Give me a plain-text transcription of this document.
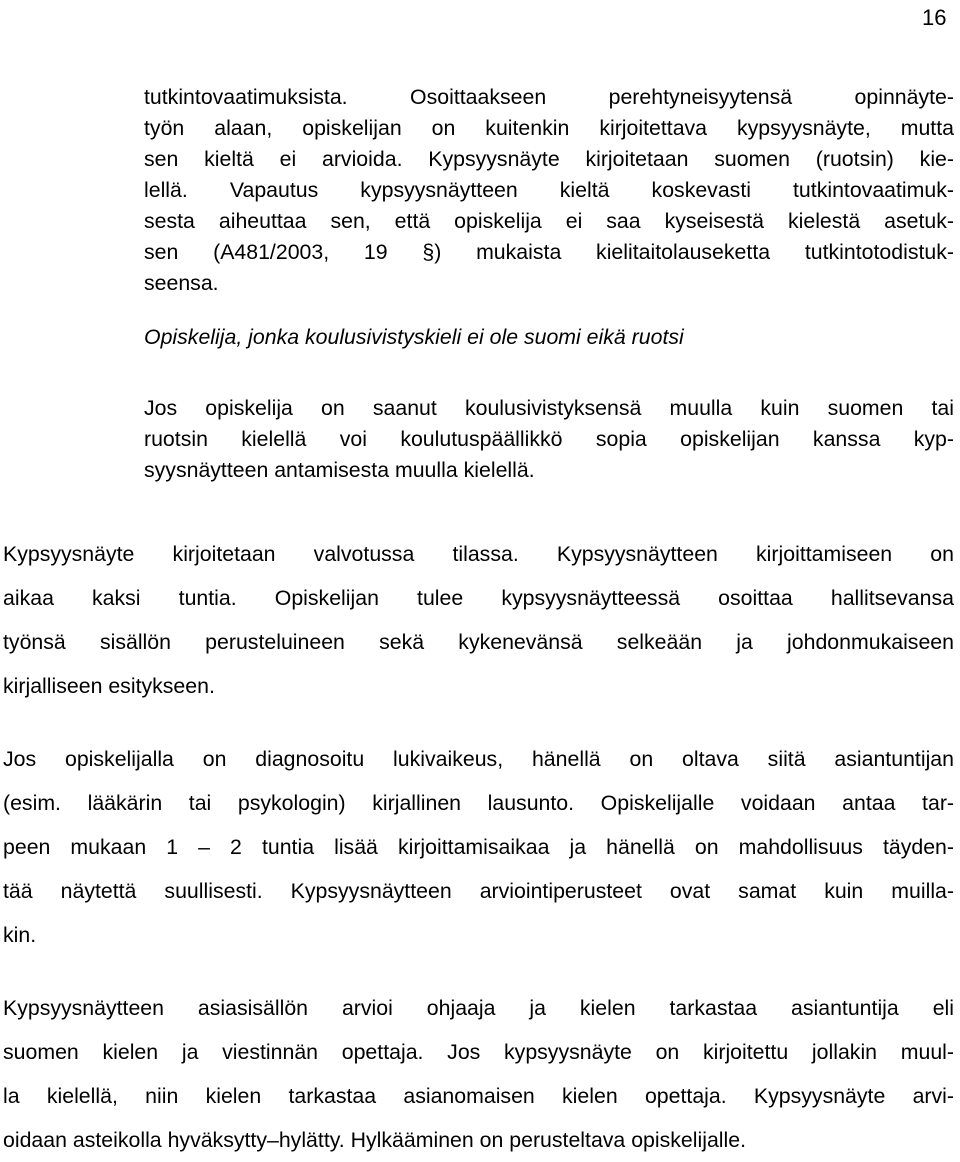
16
tutkintovaatimuksista. Osoittaakseen perehtyneisyytensä opinnäyte-
työn alaan, opiskelijan on kuitenkin kirjoitettava kypsyysnäyte, mutta
sen kieltä ei arvioida. Kypsyysnäyte kirjoitetaan suomen (ruotsin) kie-
lellä. Vapautus kypsyysnäytteen kieltä koskevasti tutkintovaatimuk-
sesta aiheuttaa sen, että opiskelija ei saa kyseisestä kielestä asetuk-
sen (A481/2003, 19 §) mukaista kielitaitolauseketta tutkintotodistuk-
seensa.
Opiskelija, jonka koulusivistyskieli ei ole suomi eikä ruotsi
Jos opiskelija on saanut koulusivistyksensä muulla kuin suomen tai
ruotsin kielellä voi koulutuspäällikkö sopia opiskelijan kanssa kyp-
syysnäytteen antamisesta muulla kielellä.
Kypsyysnäyte kirjoitetaan valvotussa tilassa. Kypsyysnäytteen kirjoittamiseen on
aikaa kaksi tuntia. Opiskelijan tulee kypsyysnäytteessä osoittaa hallitsevansa
työnsä sisällön perusteluineen sekä kykenevänsä selkeään ja johdonmukaiseen
kirjalliseen esitykseen.
Jos opiskelijalla on diagnosoitu lukivaikeus, hänellä on oltava siitä asiantuntijan
(esim. lääkärin tai psykologin) kirjallinen lausunto. Opiskelijalle voidaan antaa tar-
peen mukaan 1 – 2 tuntia lisää kirjoittamisaikaa ja hänellä on mahdollisuus täyden-
tää näytettä suullisesti. Kypsyysnäytteen arviointiperusteet ovat samat kuin muilla-
kin.
Kypsyysnäytteen asiasisällön arvioi ohjaaja ja kielen tarkastaa asiantuntija eli
suomen kielen ja viestinnän opettaja. Jos kypsyysnäyte on kirjoitettu jollakin muul-
la kielellä, niin kielen tarkastaa asianomaisen kielen opettaja. Kypsyysnäyte arvi-
oidaan asteikolla hyväksytty–hylätty. Hylkääminen on perusteltava opiskelijalle.
